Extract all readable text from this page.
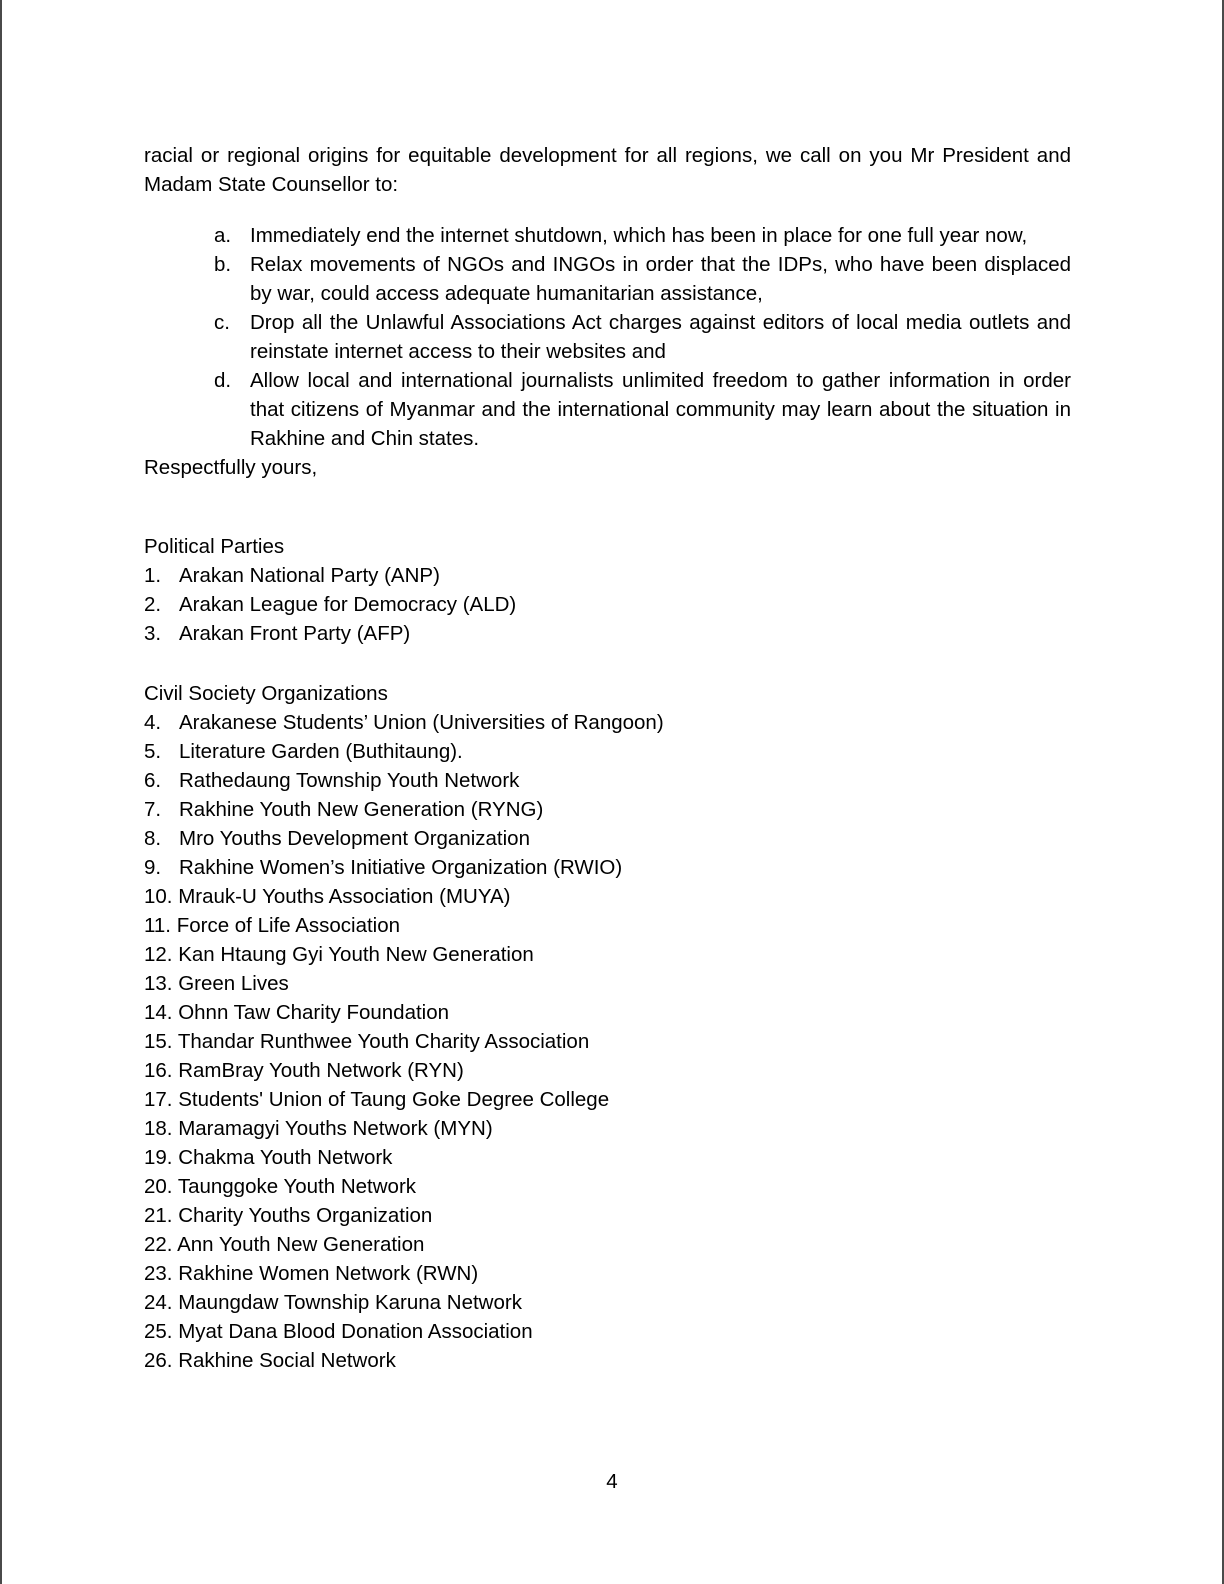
racial or regional origins for equitable development for all regions, we call on you Mr President and Madam State Counsellor to:

a. Immediately end the internet shutdown, which has been in place for one full year now,
b. Relax movements of NGOs and INGOs in order that the IDPs, who have been displaced by war, could access adequate humanitarian assistance,
c. Drop all the Unlawful Associations Act charges against editors of local media outlets and reinstate internet access to their websites and
d. Allow local and international journalists unlimited freedom to gather information in order that citizens of Myanmar and the international community may learn about the situation in Rakhine and Chin states.

Respectfully yours,

Political Parties

1. Arakan National Party (ANP)
2. Arakan League for Democracy (ALD)
3. Arakan Front Party (AFP)

Civil Society Organizations

4. Arakanese Students’ Union (Universities of Rangoon)
5. Literature Garden (Buthitaung).
6. Rathedaung Township Youth Network
7. Rakhine Youth New Generation (RYNG)
8. Mro Youths Development Organization
9. Rakhine Women’s Initiative Organization (RWIO)
10. Mrauk-U Youths Association (MUYA)
11. Force of Life Association
12. Kan Htaung Gyi Youth New Generation
13. Green Lives
14. Ohnn Taw Charity Foundation
15. Thandar Runthwee Youth Charity Association
16. RamBray Youth Network (RYN)
17. Students' Union of Taung Goke Degree College
18. Maramagyi Youths Network (MYN)
19. Chakma Youth Network
20. Taunggoke Youth Network
21. Charity Youths Organization
22. Ann Youth New Generation
23. Rakhine Women Network (RWN)
24. Maungdaw Township Karuna Network
25. Myat Dana Blood Donation Association
26. Rakhine Social Network
4
